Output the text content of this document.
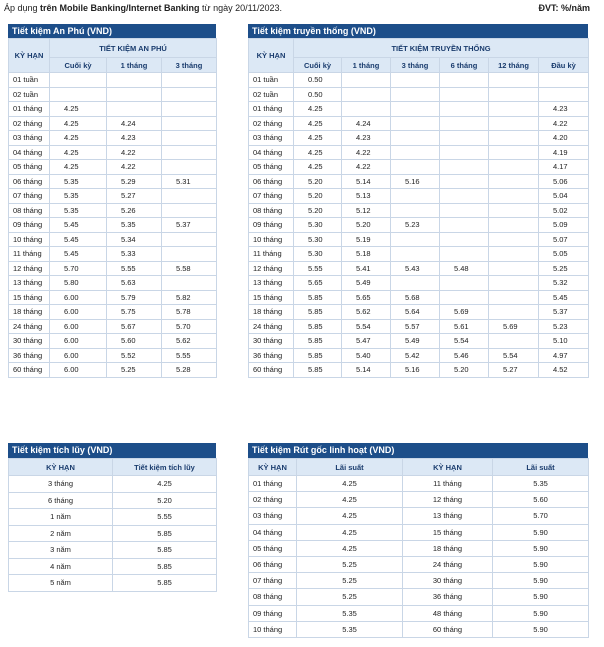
Áp dụng trên Mobile Banking/Internet Banking từ ngày 20/11/2023.	ĐVT: %/năm
Tiết kiệm An Phú (VND)
KỲ HẠN	TIẾT KIỆM AN PHÚ		
	Cuối kỳ	1 tháng	3 tháng
01 tuần			
02 tuần			
01 tháng	4.25		
02 tháng	4.25	4.24	
03 tháng	4.25	4.23	
04 tháng	4.25	4.22	
05 tháng	4.25	4.22	
06 tháng	5.35	5.29	5.31
07 tháng	5.35	5.27	
08 tháng	5.35	5.26	
09 tháng	5.45	5.35	5.37
10 tháng	5.45	5.34	
11 tháng	5.45	5.33	
12 tháng	5.70	5.55	5.58
13 tháng	5.80	5.63	
15 tháng	6.00	5.79	5.82
18 tháng	6.00	5.75	5.78
24 tháng	6.00	5.67	5.70
30 tháng	6.00	5.60	5.62
36 tháng	6.00	5.52	5.55
60 tháng	6.00	5.25	5.28
Tiết kiệm truyền thống (VND)
KỲ HẠN	TIẾT KIỆM TRUYỀN THỐNG					
	Cuối kỳ	1 tháng	3 tháng	6 tháng	12 tháng	Đầu kỳ
01 tuần	0.50					
02 tuần	0.50					
01 tháng	4.25					4.23
02 tháng	4.25	4.24				4.22
03 tháng	4.25	4.23				4.20
04 tháng	4.25	4.22				4.19
05 tháng	4.25	4.22				4.17
06 tháng	5.20	5.14	5.16			5.06
07 tháng	5.20	5.13				5.04
08 tháng	5.20	5.12				5.02
09 tháng	5.30	5.20	5.23			5.09
10 tháng	5.30	5.19				5.07
11 tháng	5.30	5.18				5.05
12 tháng	5.55	5.41	5.43	5.48		5.25
13 tháng	5.65	5.49				5.32
15 tháng	5.85	5.65	5.68			5.45
18 tháng	5.85	5.62	5.64	5.69		5.37
24 tháng	5.85	5.54	5.57	5.61	5.69	5.23
30 tháng	5.85	5.47	5.49	5.54		5.10
36 tháng	5.85	5.40	5.42	5.46	5.54	4.97
60 tháng	5.85	5.14	5.16	5.20	5.27	4.52
Tiết kiệm tích lũy (VND)
KỲ HẠN	Tiết kiệm tích lũy
3 tháng	4.25
6 tháng	5.20
1 năm	5.55
2 năm	5.85
3 năm	5.85
4 năm	5.85
5 năm	5.85
Tiết kiệm Rút gốc linh hoạt (VND)
KỲ HẠN	Lãi suất	KỲ HẠN	Lãi suất
01 tháng	4.25	11 tháng	5.35
02 tháng	4.25	12 tháng	5.60
03 tháng	4.25	13 tháng	5.70
04 tháng	4.25	15 tháng	5.90
05 tháng	4.25	18 tháng	5.90
06 tháng	5.25	24 tháng	5.90
07 tháng	5.25	30 tháng	5.90
08 tháng	5.25	36 tháng	5.90
09 tháng	5.35	48 tháng	5.90
10 tháng	5.35	60 tháng	5.90
